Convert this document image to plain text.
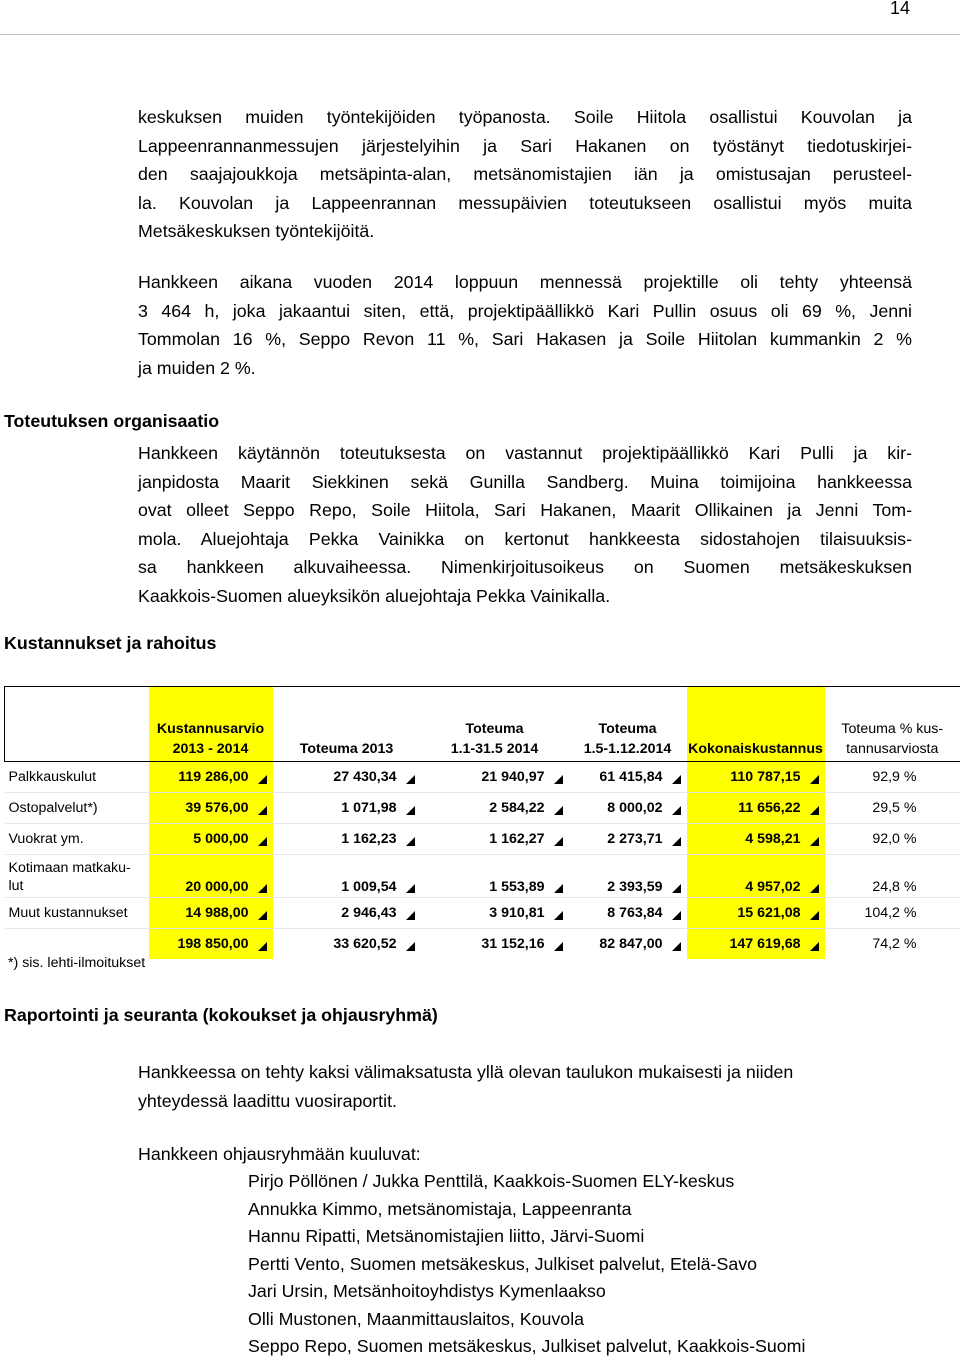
14
keskuksen muiden työntekijöiden työpanosta. Soile Hiitola osallistui Kouvolan ja
Lappeenrannanmessujen järjestelyihin ja Sari Hakanen on työstänyt tiedotuskirjei-
den saajajoukkoja metsäpinta-alan, metsänomistajien iän ja omistusajan perusteel-
la. Kouvolan ja Lappeenrannan messupäivien toteutukseen osallistui myös muita
Metsäkeskuksen työntekijöitä.
Hankkeen aikana vuoden 2014 loppuun mennessä projektille oli tehty yhteensä
3 464 h, joka jakaantui siten, että, projektipäällikkö Kari Pullin osuus oli 69 %, Jenni
Tommolan 16 %, Seppo Revon 11 %, Sari Hakasen ja Soile Hiitolan kummankin 2 %
ja muiden 2 %.
Toteutuksen organisaatio
Hankkeen käytännön toteutuksesta on vastannut projektipäällikkö Kari Pulli ja kir-
janpidosta Maarit Siekkinen sekä Gunilla Sandberg. Muina toimijoina hankkeessa
ovat olleet Seppo Repo, Soile Hiitola, Sari Hakanen, Maarit Ollikainen ja Jenni Tom-
mola. Aluejohtaja Pekka Vainikka on kertonut hankkeesta sidostahojen tilaisuuksis-
sa hankkeen alkuvaiheessa. Nimenkirjoitusoikeus on Suomen metsäkeskuksen
Kaakkois-Suomen alueyksikön aluejohtaja Pekka Vainikalla.
Kustannukset ja rahoitus
	Kustannusarvio
2013 - 2014	Toteuma 2013	Toteuma
1.1-31.5 2014	Toteuma
1.5-1.12.2014	Kokonaiskustannus	Toteuma % kus-
tannusarviosta
Palkkauskulut	119 286,00	27 430,34	21 940,97	61 415,84	110 787,15	92,9 %
Ostopalvelut*)	39 576,00	1 071,98	2 584,22	8 000,02	11 656,22	29,5 %
Vuokrat ym.	5 000,00	1 162,23	1 162,27	2 273,71	4 598,21	92,0 %
Kotimaan matkaku-
lut	20 000,00	1 009,54	1 553,89	2 393,59	4 957,02	24,8 %
Muut kustannukset	14 988,00	2 946,43	3 910,81	8 763,84	15 621,08	104,2 %
	198 850,00	33 620,52	31 152,16	82 847,00	147 619,68	74,2 %
*) sis. lehti-ilmoitukset
Raportointi ja seuranta (kokoukset ja ohjausryhmä)
Hankkeessa on tehty kaksi välimaksatusta yllä olevan taulukon mukaisesti ja niiden
yhteydessä laadittu vuosiraportit.
Hankkeen ohjausryhmään kuuluvat:
Pirjo Pöllönen / Jukka Penttilä, Kaakkois-Suomen ELY-keskus
Annukka Kimmo, metsänomistaja, Lappeenranta
Hannu Ripatti, Metsänomistajien liitto, Järvi-Suomi
Pertti Vento, Suomen metsäkeskus, Julkiset palvelut, Etelä-Savo
Jari Ursin, Metsänhoitoyhdistys Kymenlaakso
Olli Mustonen, Maanmittauslaitos, Kouvola
Seppo Repo, Suomen metsäkeskus, Julkiset palvelut, Kaakkois-Suomi
